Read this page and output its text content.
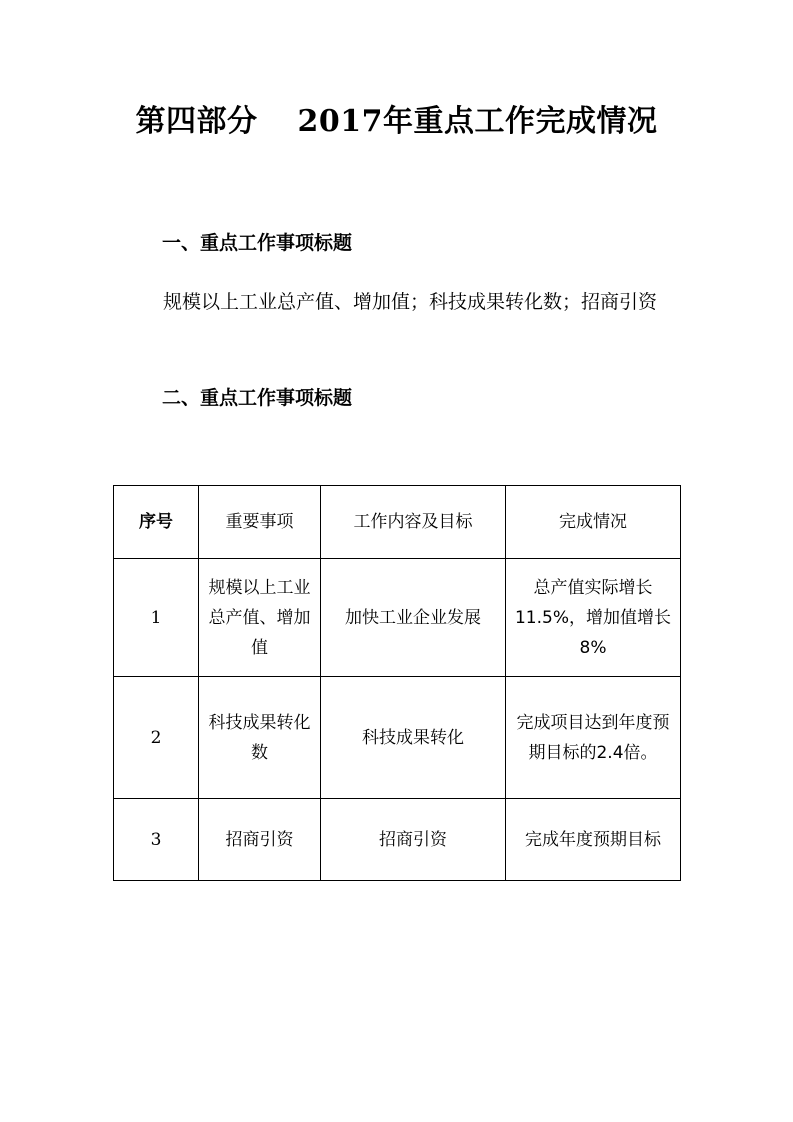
第四部分 2017年重点工作完成情况
一、重点工作事项标题
规模以上工业总产值、增加值；科技成果转化数；招商引资
二、重点工作事项标题
序号	重要事项	工作内容及目标	完成情况
1	规模以上工业总产值、增加值	加快工业企业发展	总产值实际增长11.5%，增加值增长8%
2	科技成果转化数	科技成果转化	完成项目达到年度预期目标的2.4倍。
3	招商引资	招商引资	完成年度预期目标
